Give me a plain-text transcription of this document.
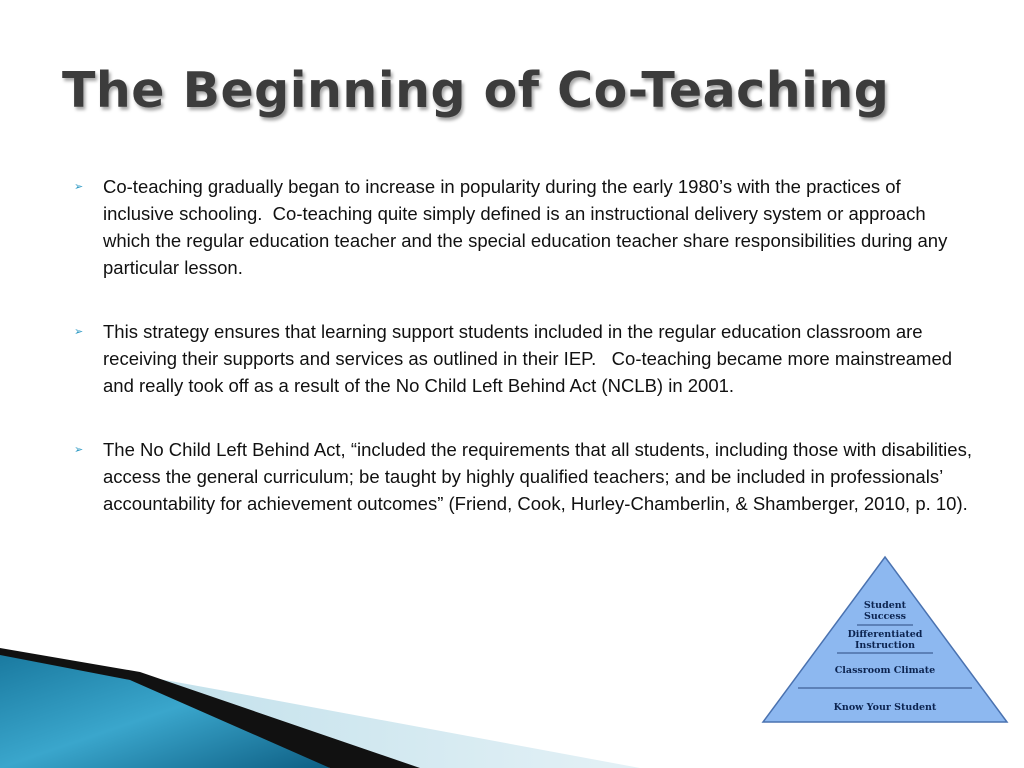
The Beginning of Co-Teaching
➢ Co-teaching gradually began to increase in popularity during the early 1980’s with the practices of inclusive schooling.  Co-teaching quite simply defined is an instructional delivery system or approach which the regular education teacher and the special education teacher share responsibilities during any particular lesson.
➢ This strategy ensures that learning support students included in the regular education classroom are receiving their supports and services as outlined in their IEP.   Co-teaching became more mainstreamed and really took off as a result of the No Child Left Behind Act (NCLB) in 2001.
➢ The No Child Left Behind Act, “included the requirements that all students, including those with disabilities, access the general curriculum; be taught by highly qualified teachers; and be included in professionals’ accountability for achievement outcomes” (Friend, Cook, Hurley-Chamberlin, & Shamberger, 2010, p. 10).
Student
Success
Differentiated
Instruction
Classroom Climate
Know Your Student
